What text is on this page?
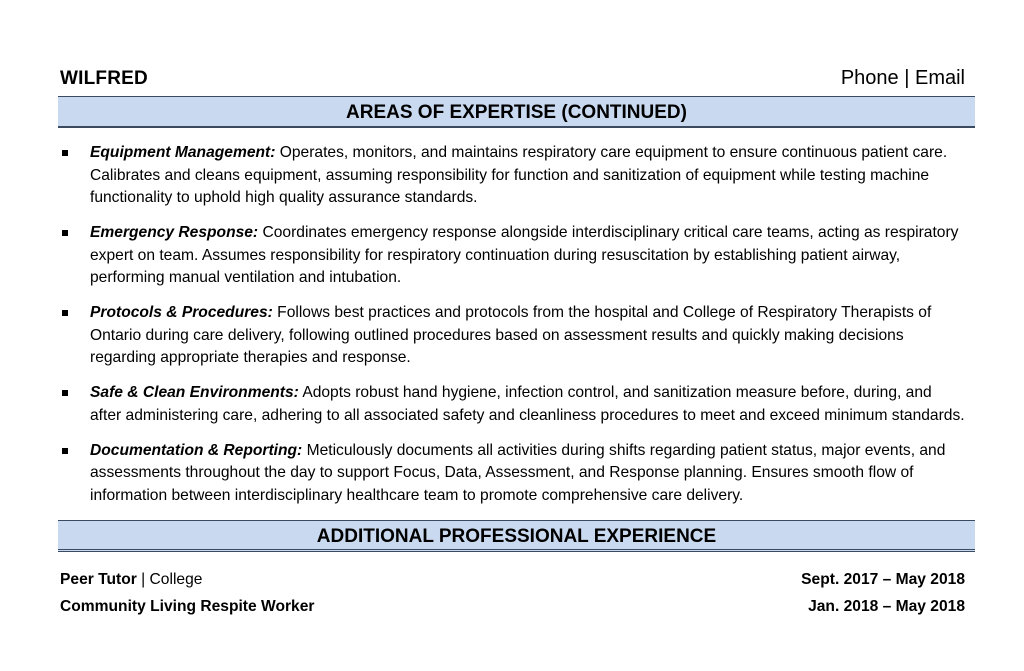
WILFRED	Phone | Email
AREAS OF EXPERTISE (CONTINUED)
Equipment Management: Operates, monitors, and maintains respiratory care equipment to ensure continuous patient care. Calibrates and cleans equipment, assuming responsibility for function and sanitization of equipment while testing machine functionality to uphold high quality assurance standards.
Emergency Response: Coordinates emergency response alongside interdisciplinary critical care teams, acting as respiratory expert on team. Assumes responsibility for respiratory continuation during resuscitation by establishing patient airway, performing manual ventilation and intubation.
Protocols & Procedures: Follows best practices and protocols from the hospital and College of Respiratory Therapists of Ontario during care delivery, following outlined procedures based on assessment results and quickly making decisions regarding appropriate therapies and response.
Safe & Clean Environments: Adopts robust hand hygiene, infection control, and sanitization measure before, during, and after administering care, adhering to all associated safety and cleanliness procedures to meet and exceed minimum standards.
Documentation & Reporting: Meticulously documents all activities during shifts regarding patient status, major events, and assessments throughout the day to support Focus, Data, Assessment, and Response planning. Ensures smooth flow of information between interdisciplinary healthcare team to promote comprehensive care delivery.
ADDITIONAL PROFESSIONAL EXPERIENCE
Peer Tutor | College	Sept. 2017 – May 2018
Community Living Respite Worker	Jan. 2018 – May 2018
